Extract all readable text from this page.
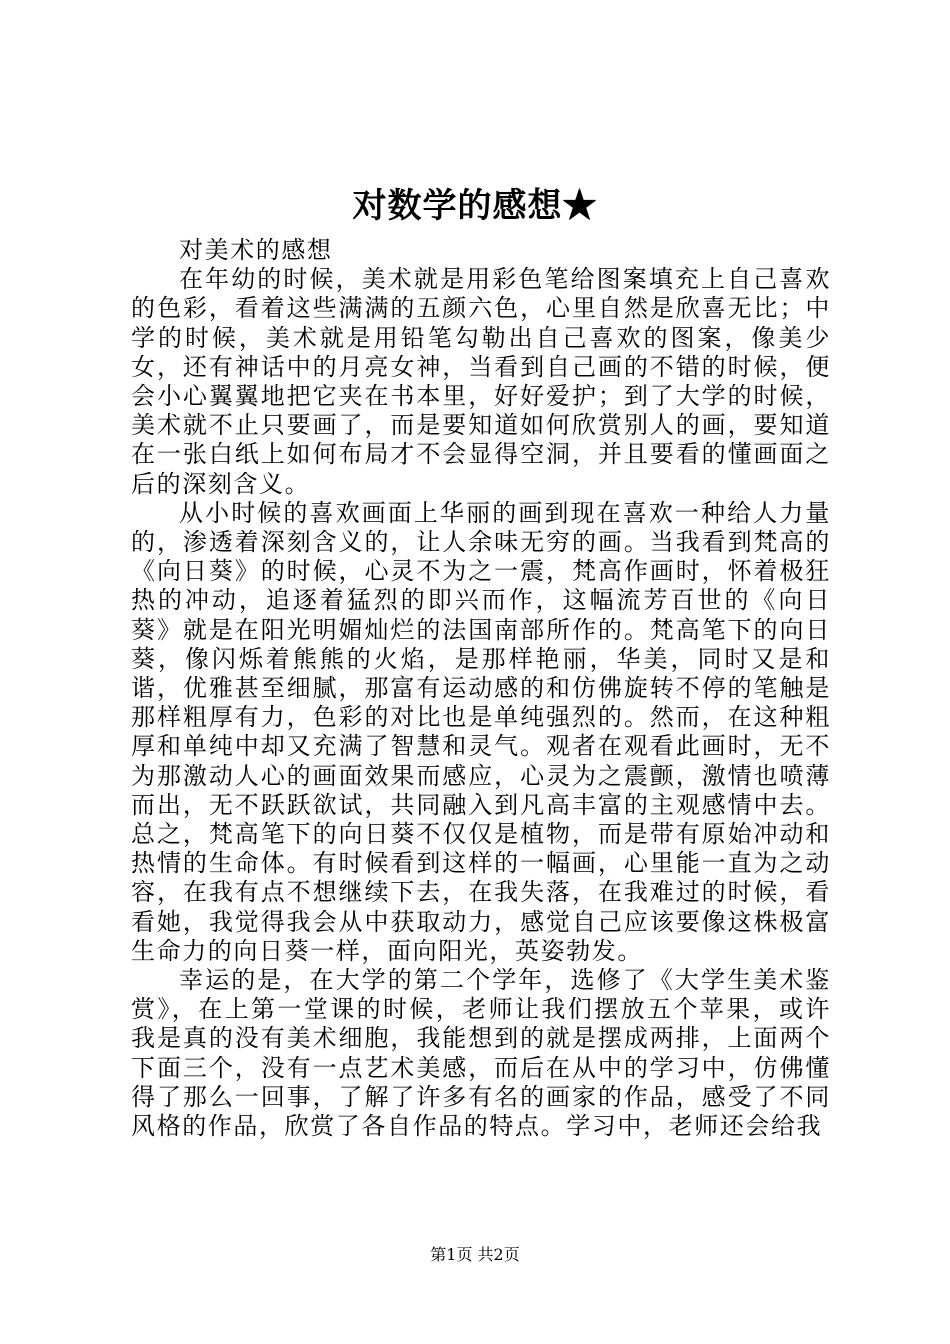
对数学的感想★

对美术的感想

在年幼的时候，美术就是用彩色笔给图案填充上自己喜欢的色彩，看着这些满满的五颜六色，心里自然是欣喜无比；中学的时候，美术就是用铅笔勾勒出自己喜欢的图案，像美少女，还有神话中的月亮女神，当看到自己画的不错的时候，便会小心翼翼地把它夹在书本里，好好爱护；到了大学的时候，美术就不止只要画了，而是要知道如何欣赏别人的画，要知道在一张白纸上如何布局才不会显得空洞，并且要看的懂画面之后的深刻含义。

从小时候的喜欢画面上华丽的画到现在喜欢一种给人力量的，渗透着深刻含义的，让人余味无穷的画。当我看到梵高的《向日葵》的时候，心灵不为之一震，梵高作画时，怀着极狂热的冲动，追逐着猛烈的即兴而作，这幅流芳百世的《向日葵》就是在阳光明媚灿烂的法国南部所作的。梵高笔下的向日葵，像闪烁着熊熊的火焰，是那样艳丽，华美，同时又是和谐，优雅甚至细腻，那富有运动感的和仿佛旋转不停的笔触是那样粗厚有力，色彩的对比也是单纯强烈的。然而，在这种粗厚和单纯中却又充满了智慧和灵气。观者在观看此画时，无不为那激动人心的画面效果而感应，心灵为之震颤，激情也喷薄而出，无不跃跃欲试，共同融入到凡高丰富的主观感情中去。总之，梵高笔下的向日葵不仅仅是植物，而是带有原始冲动和热情的生命体。有时候看到这样的一幅画，心里能一直为之动容，在我有点不想继续下去，在我失落，在我难过的时候，看看她，我觉得我会从中获取动力，感觉自己应该要像这株极富生命力的向日葵一样，面向阳光，英姿勃发。

幸运的是，在大学的第二个学年，选修了《大学生美术鉴赏》，在上第一堂课的时候，老师让我们摆放五个苹果，或许我是真的没有美术细胞，我能想到的就是摆成两排，上面两个下面三个，没有一点艺术美感，而后在从中的学习中，仿佛懂得了那么一回事，了解了许多有名的画家的作品，感受了不同风格的作品，欣赏了各自作品的特点。学习中，老师还会给我

第1页 共2页
